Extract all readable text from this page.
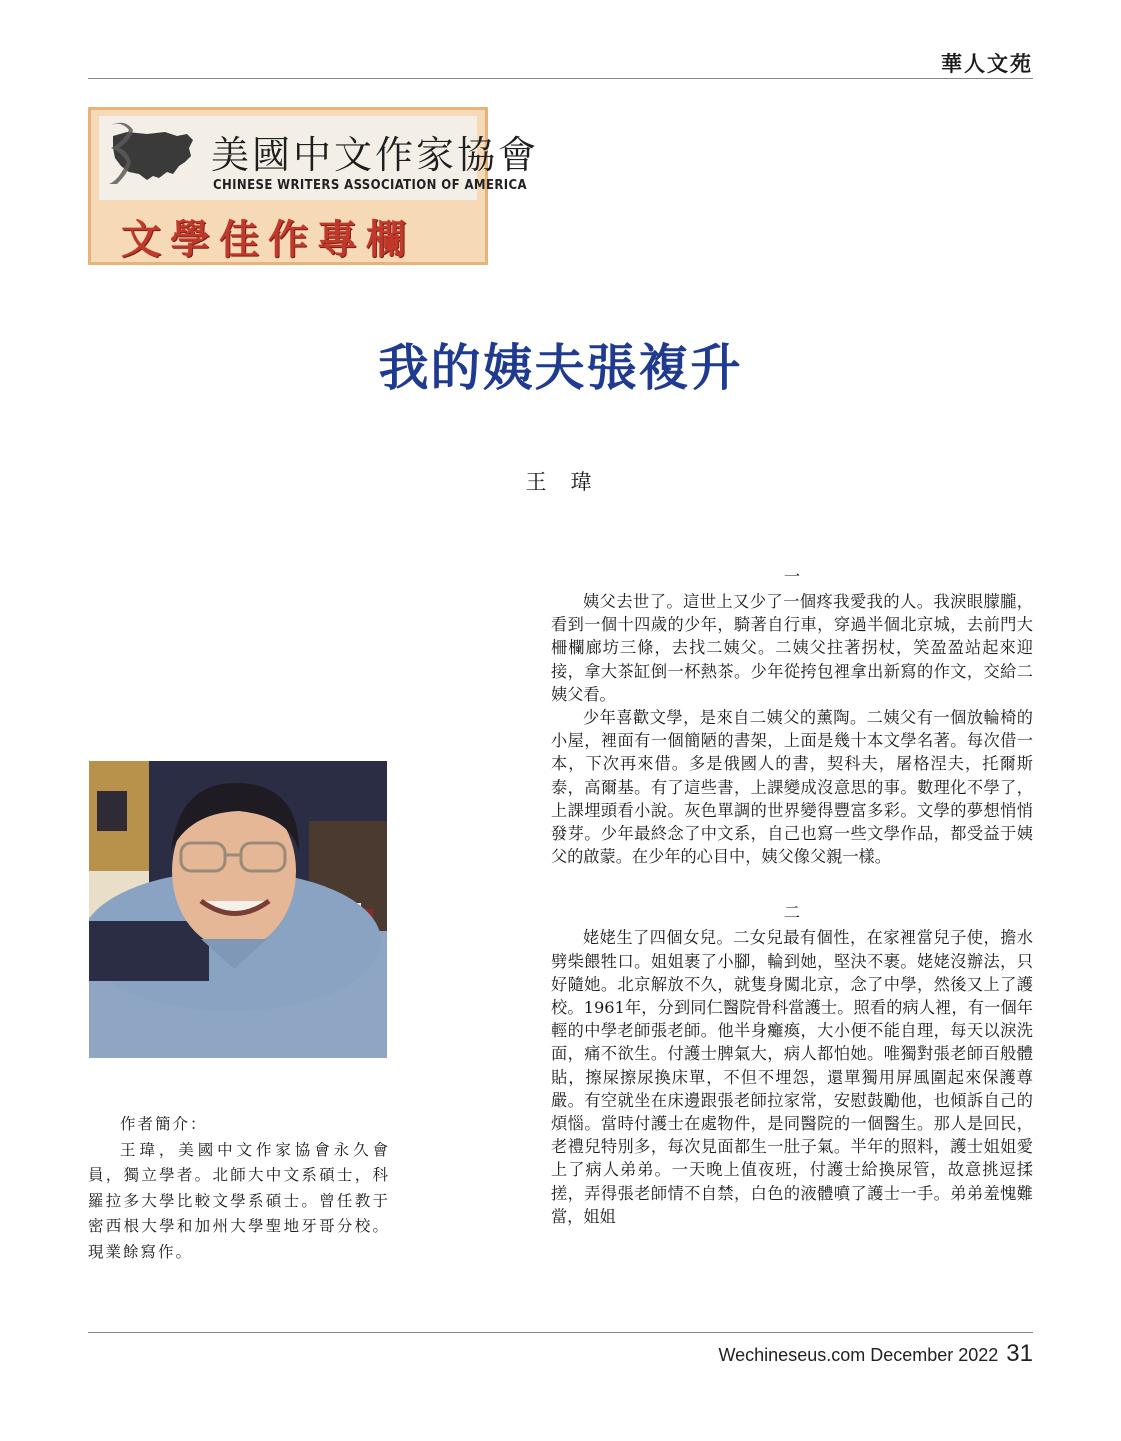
華人文苑
美國中文作家協會
CHINESE WRITERS ASSOCIATION OF AMERICA
文學佳作專欄
我的姨夫張複升
王 瑋
作者簡介：
王瑋，美國中文作家協會永久會員，獨立學者。北師大中文系碩士，科羅拉多大學比較文學系碩士。曾任教于密西根大學和加州大學聖地牙哥分校。現業餘寫作。
一

姨父去世了。這世上又少了一個疼我愛我的人。我淚眼朦朧，看到一個十四歲的少年，騎著自行車，穿過半個北京城，去前門大柵欄廊坊三條，去找二姨父。二姨父拄著拐杖，笑盈盈站起來迎接，拿大茶缸倒一杯熱茶。少年從挎包裡拿出新寫的作文，交給二姨父看。

少年喜歡文學，是來自二姨父的薰陶。二姨父有一個放輪椅的小屋，裡面有一個簡陋的書架，上面是幾十本文學名著。每次借一本，下次再來借。多是俄國人的書，契科夫，屠格涅夫，托爾斯泰，高爾基。有了這些書，上課變成沒意思的事。數理化不學了，上課埋頭看小說。灰色單調的世界變得豐富多彩。文學的夢想悄悄發芽。少年最終念了中文系，自己也寫一些文學作品，都受益于姨父的啟蒙。在少年的心目中，姨父像父親一樣。

二

姥姥生了四個女兒。二女兒最有個性，在家裡當兒子使，擔水劈柴餵牲口。姐姐裹了小腳，輪到她，堅決不裹。姥姥沒辦法，只好隨她。北京解放不久，就隻身闖北京，念了中學，然後又上了護校。1961年，分到同仁醫院骨科當護士。照看的病人裡，有一個年輕的中學老師張老師。他半身癱瘓，大小便不能自理，每天以淚洗面，痛不欲生。付護士脾氣大，病人都怕她。唯獨對張老師百般體貼，擦屎擦尿換床單，不但不埋怨，還單獨用屏風圍起來保護尊嚴。有空就坐在床邊跟張老師拉家常，安慰鼓勵他，也傾訴自己的煩惱。當時付護士在處物件，是同醫院的一個醫生。那人是回民，老禮兒特別多，每次見面都生一肚子氣。半年的照料，護士姐姐愛上了病人弟弟。一天晚上值夜班，付護士給換尿管，故意挑逗揉搓，弄得張老師情不自禁，白色的液體噴了護士一手。弟弟羞愧難當，姐姐

Wechineseus.com December 2022 31
